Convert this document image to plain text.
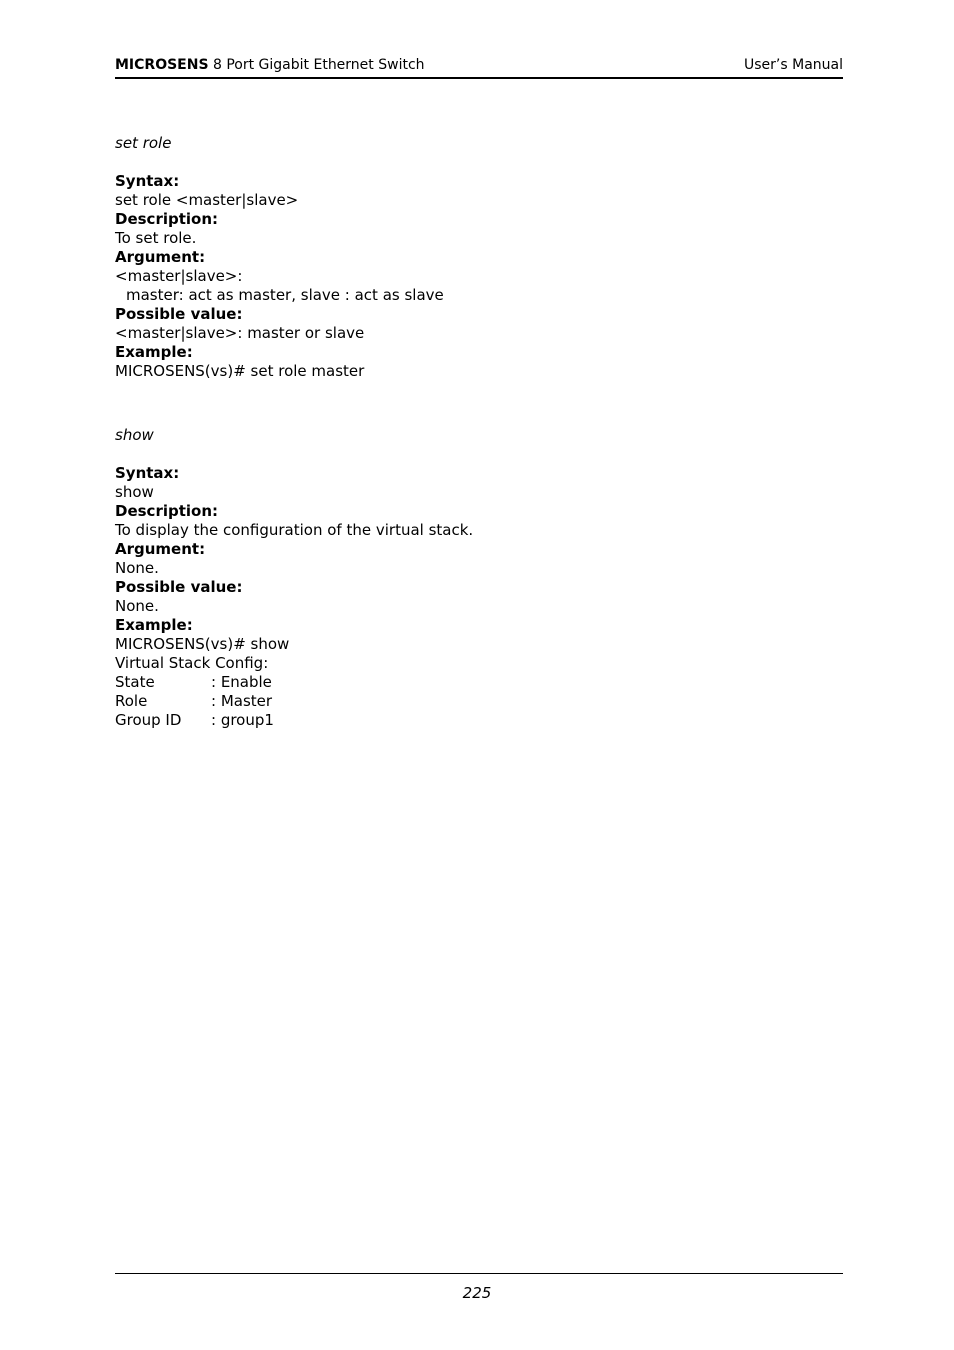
MICROSENS 8 Port Gigabit Ethernet Switch	User’s Manual
set role
Syntax:
set role <master|slave>
Description:
To set role.
Argument:
<master|slave>:
master: act as master, slave : act as slave
Possible value:
<master|slave>: master or slave
Example:
MICROSENS(vs)# set role master
show
Syntax:
show
Description:
To display the configuration of the virtual stack.
Argument:
None.
Possible value:
None.
Example:
MICROSENS(vs)# show
Virtual Stack Config:
State	: Enable
Role	: Master
Group ID	: group1
225
